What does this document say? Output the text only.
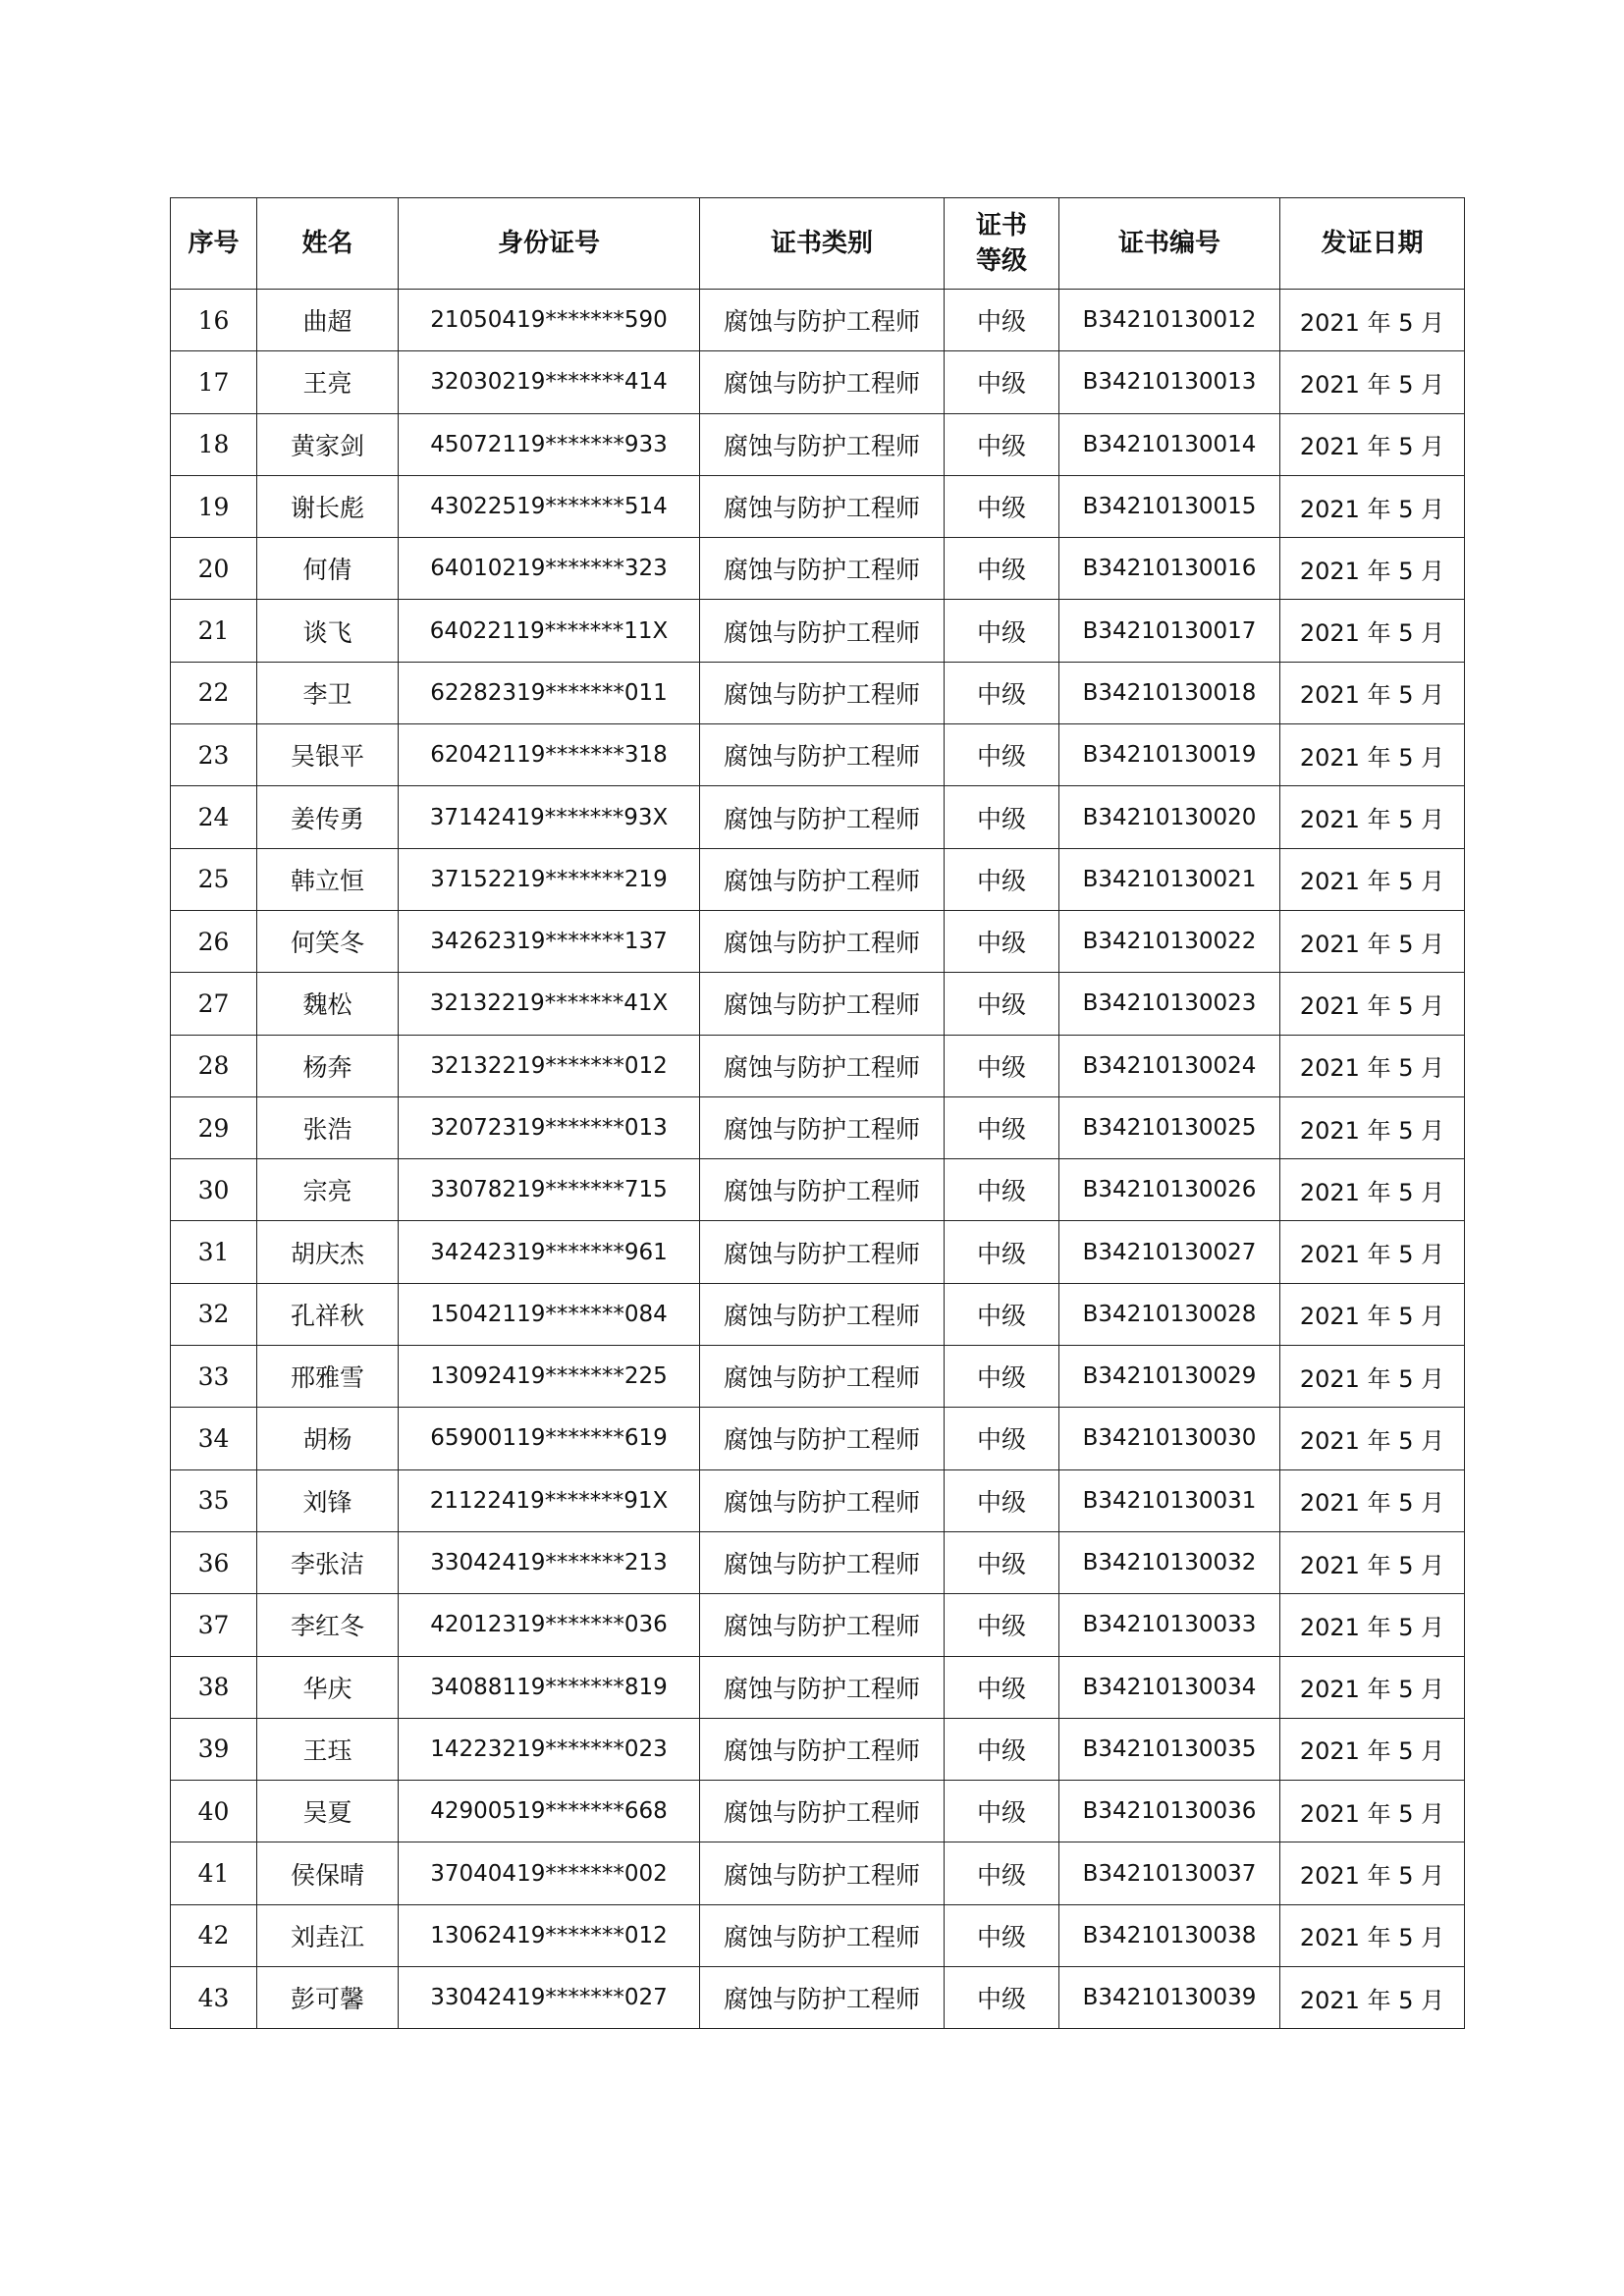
序号	姓名	身份证号	证书类别	证书等级	证书编号	发证日期
16	曲超	21050419*******590	腐蚀与防护工程师	中级	B34210130012	2021 年 5 月
17	王亮	32030219*******414	腐蚀与防护工程师	中级	B34210130013	2021 年 5 月
18	黄家剑	45072119*******933	腐蚀与防护工程师	中级	B34210130014	2021 年 5 月
19	谢长彪	43022519*******514	腐蚀与防护工程师	中级	B34210130015	2021 年 5 月
20	何倩	64010219*******323	腐蚀与防护工程师	中级	B34210130016	2021 年 5 月
21	谈飞	64022119*******11X	腐蚀与防护工程师	中级	B34210130017	2021 年 5 月
22	李卫	62282319*******011	腐蚀与防护工程师	中级	B34210130018	2021 年 5 月
23	吴银平	62042119*******318	腐蚀与防护工程师	中级	B34210130019	2021 年 5 月
24	姜传勇	37142419*******93X	腐蚀与防护工程师	中级	B34210130020	2021 年 5 月
25	韩立恒	37152219*******219	腐蚀与防护工程师	中级	B34210130021	2021 年 5 月
26	何笑冬	34262319*******137	腐蚀与防护工程师	中级	B34210130022	2021 年 5 月
27	魏松	32132219*******41X	腐蚀与防护工程师	中级	B34210130023	2021 年 5 月
28	杨奔	32132219*******012	腐蚀与防护工程师	中级	B34210130024	2021 年 5 月
29	张浩	32072319*******013	腐蚀与防护工程师	中级	B34210130025	2021 年 5 月
30	宗亮	33078219*******715	腐蚀与防护工程师	中级	B34210130026	2021 年 5 月
31	胡庆杰	34242319*******961	腐蚀与防护工程师	中级	B34210130027	2021 年 5 月
32	孔祥秋	15042119*******084	腐蚀与防护工程师	中级	B34210130028	2021 年 5 月
33	邢雅雪	13092419*******225	腐蚀与防护工程师	中级	B34210130029	2021 年 5 月
34	胡杨	65900119*******619	腐蚀与防护工程师	中级	B34210130030	2021 年 5 月
35	刘锋	21122419*******91X	腐蚀与防护工程师	中级	B34210130031	2021 年 5 月
36	李张洁	33042419*******213	腐蚀与防护工程师	中级	B34210130032	2021 年 5 月
37	李红冬	42012319*******036	腐蚀与防护工程师	中级	B34210130033	2021 年 5 月
38	华庆	34088119*******819	腐蚀与防护工程师	中级	B34210130034	2021 年 5 月
39	王珏	14223219*******023	腐蚀与防护工程师	中级	B34210130035	2021 年 5 月
40	吴夏	42900519*******668	腐蚀与防护工程师	中级	B34210130036	2021 年 5 月
41	侯保晴	37040419*******002	腐蚀与防护工程师	中级	B34210130037	2021 年 5 月
42	刘垚江	13062419*******012	腐蚀与防护工程师	中级	B34210130038	2021 年 5 月
43	彭可馨	33042419*******027	腐蚀与防护工程师	中级	B34210130039	2021 年 5 月
